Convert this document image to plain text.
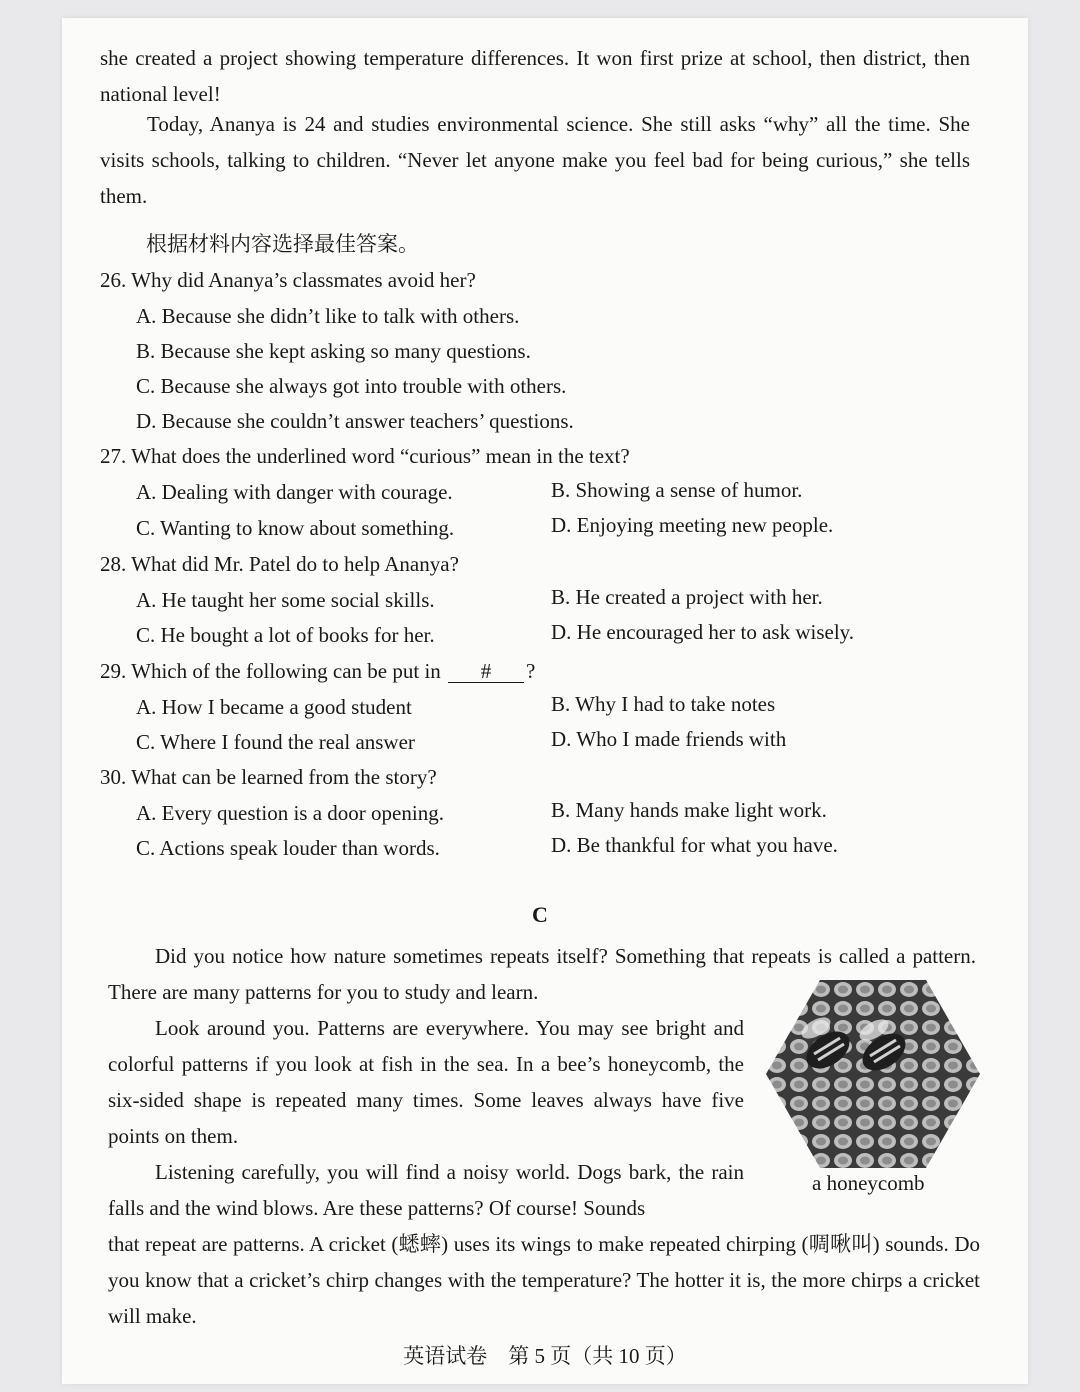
she created a project showing temperature differences. It won first prize at school, then district, then national level!

Today, Ananya is 24 and studies environmental science. She still asks “why” all the time. She visits schools, talking to children. “Never let anyone make you feel bad for being curious,” she tells them.

根据材料内容选择最佳答案。
26. Why did Ananya’s classmates avoid her?
A. Because she didn’t like to talk with others.
B. Because she kept asking so many questions.
C. Because she always got into trouble with others.
D. Because she couldn’t answer teachers’ questions.
27. What does the underlined word “curious” mean in the text?
A. Dealing with danger with courage.	B. Showing a sense of humor.
C. Wanting to know about something.	D. Enjoying meeting new people.
28. What did Mr. Patel do to help Ananya?
A. He taught her some social skills.	B. He created a project with her.
C. He bought a lot of books for her.	D. He encouraged her to ask wisely.
29. Which of the following can be put in # ?
A. How I became a good student	B. Why I had to take notes
C. Where I found the real answer	D. Who I made friends with
30. What can be learned from the story?
A. Every question is a door opening.	B. Many hands make light work.
C. Actions speak louder than words.	D. Be thankful for what you have.
C

Did you notice how nature sometimes repeats itself? Something that repeats is called a pattern. There are many patterns for you to study and learn.

Look around you. Patterns are everywhere. You may see bright and colorful patterns if you look at fish in the sea. In a bee’s honeycomb, the six-sided shape is repeated many times. Some leaves always have five points on them.

Listening carefully, you will find a noisy world. Dogs bark, the rain falls and the wind blows. Are these patterns? Of course! Sounds

that repeat are patterns. A cricket (蟋蟀) uses its wings to make repeated chirping (啁啾叫) sounds. Do you know that a cricket’s chirp changes with the temperature? The hotter it is, the more chirps a cricket will make.

a honeycomb
英语试卷　第 5 页（共 10 页）
